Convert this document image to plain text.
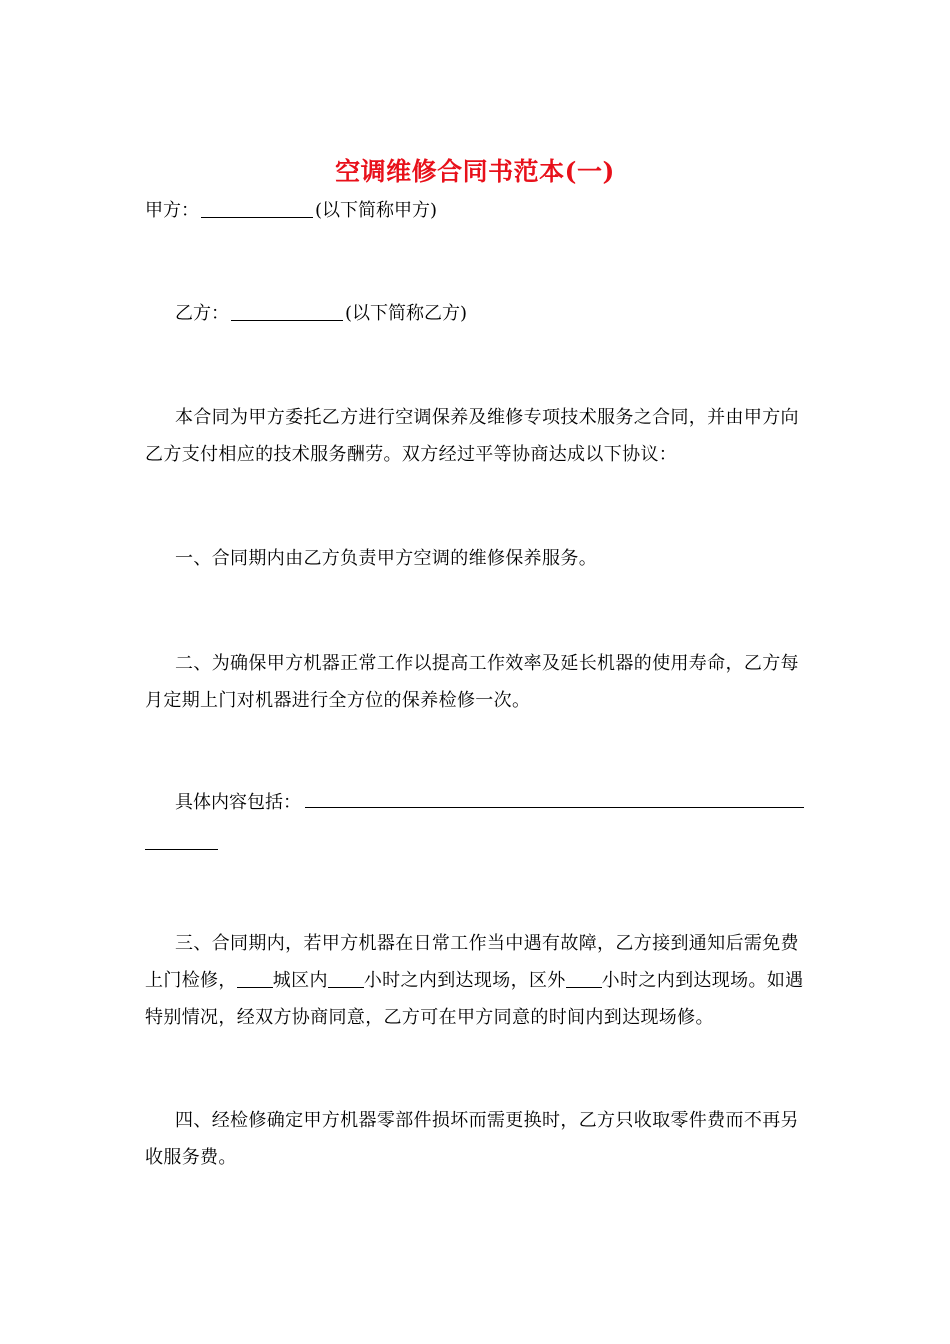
空调维修合同书范本(一)
甲方：	(以下简称甲方)
乙方：	(以下简称乙方)
本合同为甲方委托乙方进行空调保养及维修专项技术服务之合同，并由甲方向乙方支付相应的技术服务酬劳。双方经过平等协商达成以下协议：
一、合同期内由乙方负责甲方空调的维修保养服务。
二、为确保甲方机器正常工作以提高工作效率及延长机器的使用寿命，乙方每月定期上门对机器进行全方位的保养检修一次。
具体内容包括：
三、合同期内，若甲方机器在日常工作当中遇有故障，乙方接到通知后需免费上门检修， 城区内 小时之内到达现场，区外 小时之内到达现场。如遇特别情况，经双方协商同意，乙方可在甲方同意的时间内到达现场修。
四、经检修确定甲方机器零部件损坏而需更换时，乙方只收取零件费而不再另收服务费。
